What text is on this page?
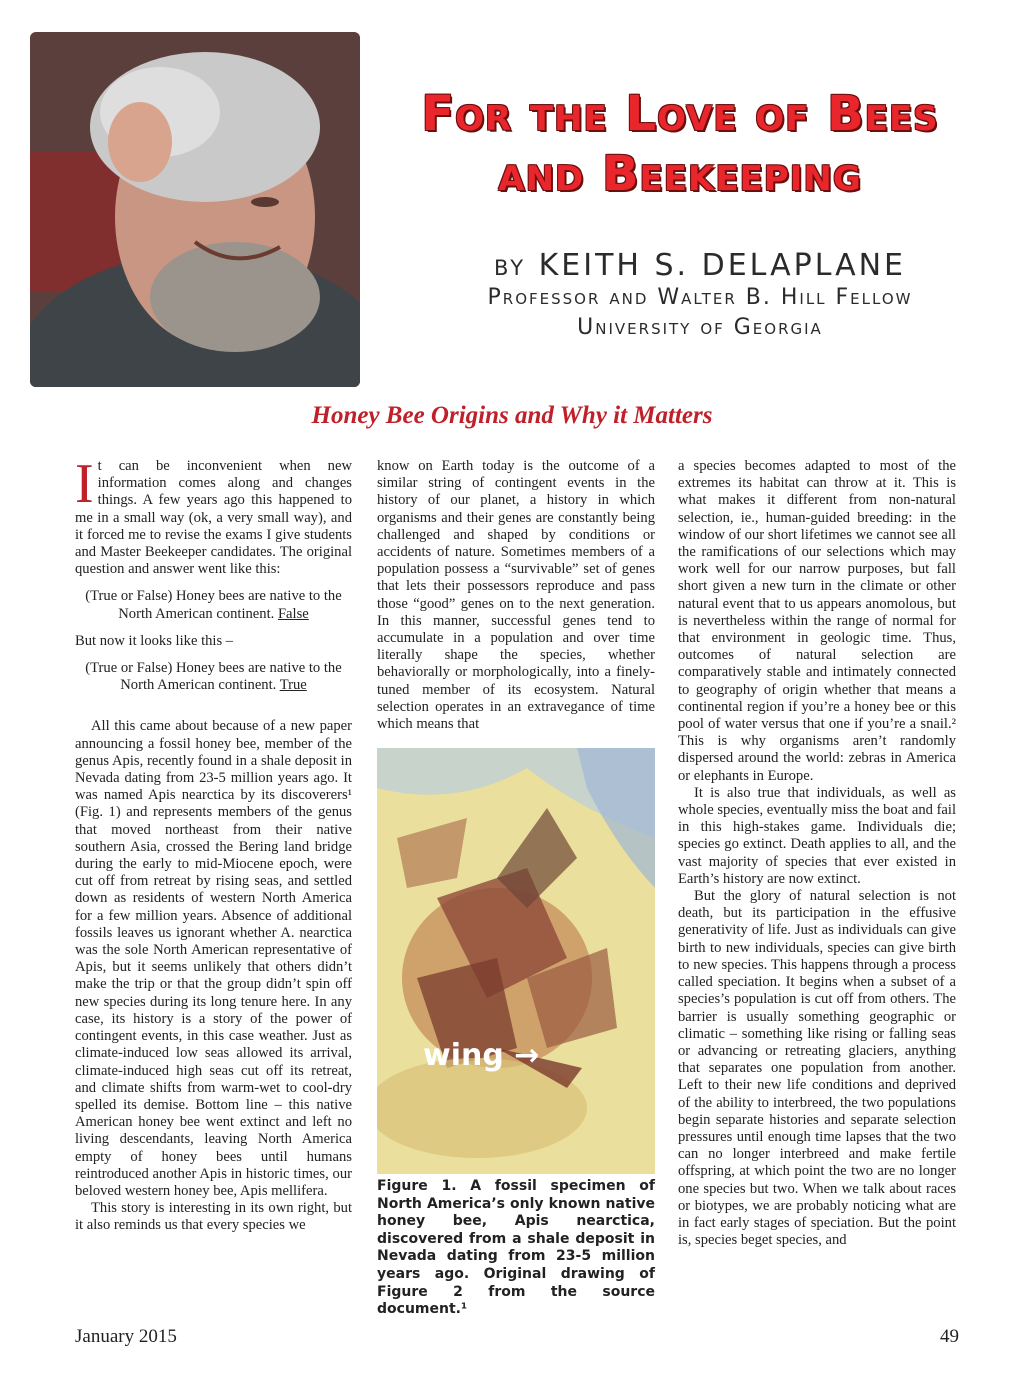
For the Love of Bees
and Beekeeping
by KEITH S. DELAPLANE
Professor and Walter B. Hill Fellow
University of Georgia
Honey Bee Origins and Why it Matters

It can be inconvenient when new information comes along and changes things. A few years ago this happened to me in a small way (ok, a very small way), and it forced me to revise the exams I give students and Master Beekeeper candidates. The original question and answer went like this:

(True or False) Honey bees are native to the North American continent. False

But now it looks like this –

(True or False) Honey bees are native to the North American continent. True

All this came about because of a new paper announcing a fossil honey bee, member of the genus Apis, recently found in a shale deposit in Nevada dating from 23-5 million years ago. It was named Apis nearctica by its discoverers¹ (Fig. 1) and represents members of the genus that moved northeast from their native southern Asia, crossed the Bering land bridge during the early to mid-Miocene epoch, were cut off from retreat by rising seas, and settled down as residents of western North America for a few million years. Absence of additional fossils leaves us ignorant whether A. nearctica was the sole North American representative of Apis, but it seems unlikely that others didn’t make the trip or that the group didn’t spin off new species during its long tenure here. In any case, its history is a story of the power of contingent events, in this case weather. Just as climate-induced low seas allowed its arrival, climate-induced high seas cut off its retreat, and climate shifts from warm-wet to cool-dry spelled its demise. Bottom line – this native American honey bee went extinct and left no living descendants, leaving North America empty of honey bees until humans reintroduced another Apis in historic times, our beloved western honey bee, Apis mellifera.

This story is interesting in its own right, but it also reminds us that every species we

know on Earth today is the outcome of a similar string of contingent events in the history of our planet, a history in which organisms and their genes are constantly being challenged and shaped by conditions or accidents of nature. Sometimes members of a population possess a “survivable” set of genes that lets their possessors reproduce and pass those “good” genes on to the next generation. In this manner, successful genes tend to accumulate in a population and over time literally shape the species, whether behaviorally or morphologically, into a finely-tuned member of its ecosystem. Natural selection operates in an extravegance of time which means that

wing →
Figure 1. A fossil specimen of North America’s only known native honey bee, Apis nearctica, discovered from a shale deposit in Nevada dating from 23-5 million years ago. Original drawing of Figure 2 from the source document.¹

a species becomes adapted to most of the extremes its habitat can throw at it. This is what makes it different from non-natural selection, ie., human-guided breeding: in the window of our short lifetimes we cannot see all the ramifications of our selections which may work well for our narrow purposes, but fall short given a new turn in the climate or other natural event that to us appears anomolous, but is nevertheless within the range of normal for that environment in geologic time. Thus, outcomes of natural selection are comparatively stable and intimately connected to geography of origin whether that means a continental region if you’re a honey bee or this pool of water versus that one if you’re a snail.² This is why organisms aren’t randomly dispersed around the world: zebras in America or elephants in Europe.

It is also true that individuals, as well as whole species, eventually miss the boat and fail in this high-stakes game. Individuals die; species go extinct. Death applies to all, and the vast majority of species that ever existed in Earth’s history are now extinct.

But the glory of natural selection is not death, but its participation in the effusive generativity of life. Just as individuals can give birth to new individuals, species can give birth to new species. This happens through a process called speciation. It begins when a subset of a species’s population is cut off from others. The barrier is usually something geographic or climatic – something like rising or falling seas or advancing or retreating glaciers, anything that separates one population from another. Left to their new life conditions and deprived of the ability to interbreed, the two populations begin separate histories and separate selection pressures until enough time lapses that the two can no longer interbreed and make fertile offspring, at which point the two are no longer one species but two. When we talk about races or biotypes, we are probably noticing what are in fact early stages of speciation. But the point is, species beget species, and

January 2015	49
